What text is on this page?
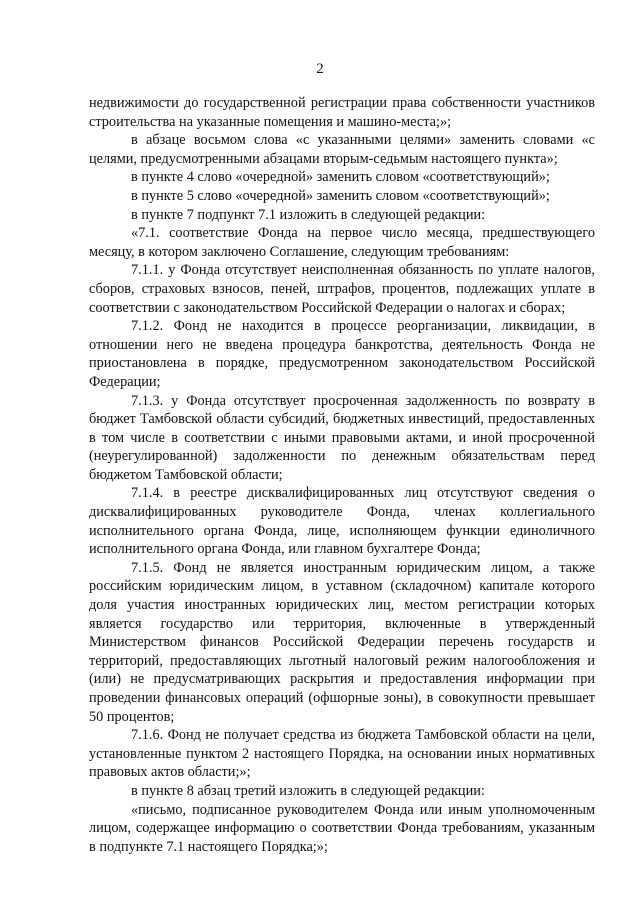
2

недвижимости до государственной регистрации права собственности участников строительства на указанные помещения и машино-места;»;

в абзаце восьмом слова «с указанными целями» заменить словами «с целями, предусмотренными абзацами вторым-седьмым настоящего пункта»;

в пункте 4 слово «очередной» заменить словом «соответствующий»;

в пункте 5 слово «очередной» заменить словом «соответствующий»;

в пункте 7 подпункт 7.1 изложить в следующей редакции:

«7.1. соответствие Фонда на первое число месяца, предшествующего месяцу, в котором заключено Соглашение, следующим требованиям:

7.1.1. у Фонда отсутствует неисполненная обязанность по уплате налогов, сборов, страховых взносов, пеней, штрафов, процентов, подлежащих уплате в соответствии с законодательством Российской Федерации о налогах и сборах;

7.1.2. Фонд не находится в процессе реорганизации, ликвидации, в отношении него не введена процедура банкротства, деятельность Фонда не приостановлена в порядке, предусмотренном законодательством Российской Федерации;

7.1.3. у Фонда отсутствует просроченная задолженность по возврату в бюджет Тамбовской области субсидий, бюджетных инвестиций, предоставленных в том числе в соответствии с иными правовыми актами, и иной просроченной (неурегулированной) задолженности по денежным обязательствам перед бюджетом Тамбовской области;

7.1.4. в реестре дисквалифицированных лиц отсутствуют сведения о дисквалифицированных руководителе Фонда, членах коллегиального исполнительного органа Фонда, лице, исполняющем функции единоличного исполнительного органа Фонда, или главном бухгалтере Фонда;

7.1.5. Фонд не является иностранным юридическим лицом, а также российским юридическим лицом, в уставном (складочном) капитале которого доля участия иностранных юридических лиц, местом регистрации которых является государство или территория, включенные в утвержденный Министерством финансов Российской Федерации перечень государств и территорий, предоставляющих льготный налоговый режим налогообложения и (или) не предусматривающих раскрытия и предоставления информации при проведении финансовых операций (офшорные зоны), в совокупности превышает 50 процентов;

7.1.6. Фонд не получает средства из бюджета Тамбовской области на цели, установленные пунктом 2 настоящего Порядка, на основании иных нормативных правовых актов области;»;

в пункте 8 абзац третий изложить в следующей редакции:

«письмо, подписанное руководителем Фонда или иным уполномоченным лицом, содержащее информацию о соответствии Фонда требованиям, указанным в подпункте 7.1 настоящего Порядка;»;
